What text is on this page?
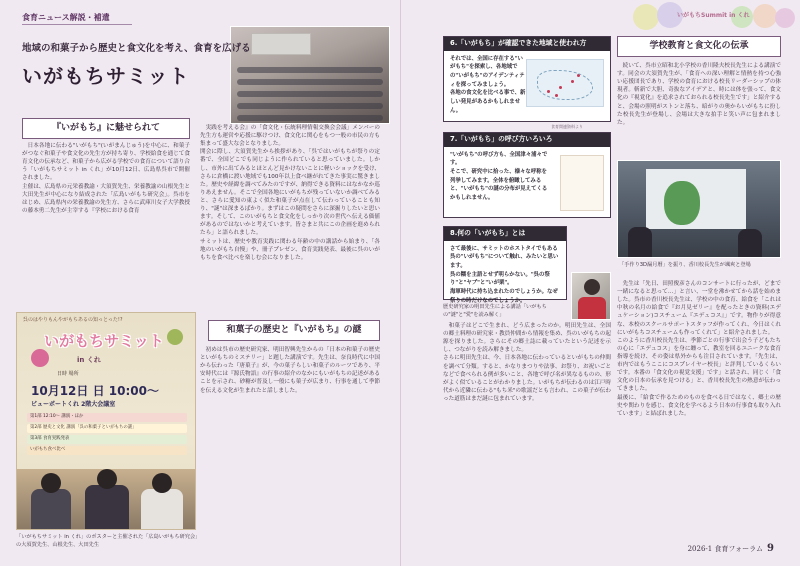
食育ニュース解説・補遺
地域の和菓子から歴史と食文化を考え、食育を広げる
いがもちサミット
『いがもち』に魅せられて

日本各地に伝わる"いがもち"(いがまんじゅう)を中心に、和菓子がつなぐ和菓子や食文化の先生方が持ち寄り、学校給食を通じて食育文化の伝承など、和菓子から広がる学校での食育について語り合う「いがもちサミット in くれ」が10月12日、広島県呉市で開催されました。
主催は、広島県の元栄養教諭・大須賀先生、栄養教諭の山根先生と大田先生が中心になり結成された「広島いがもち研究会」。呉市をはじめ、広島県内の栄養教諭の先生方、さらに武庫川女子大学教授の藤本勇二先生が主宰する『学校における食育

実践を考える会』の「食文化・伝統料理情報交換会会議」メンバーの先生方も運営や応援に駆けつけ、食文化に関心をもつ一般の市民の方も集まって盛大な会となりました。
開会に際し、大須賀先生から挨拶があり、「呉ではいがもちが祭りの定番で、全国どこでも同じように作られていると思っていました。しかし、市外に出てみるとほとんど見かけないことに軽いショックを受け、さらに倉橋に渡い地域でも100年以上食べ継がれてきた事実に驚きました。歴史や経緯を調べてみたのですが、納得できる資料にはなかなか巡りあえません。そこで全国各地にいがもちが残っていないか調べてみると、さらに愛知の東よく似た和菓子が点在して伝わっていることも知り、"謎"は深まるばかり。まずはこの疑問をさらに深掘りしたいと思います。そして、このいがもちと食文化をしっかり次の世代へ伝える価値があるのではないかと考えています。皆さまと共にこの企画を進められたら」と語られました。
サミットは、歴史や教育実践に関わる年齢の中の講話から始まり、「各地のいがもち自慢」や、冊子プレゼン、食育実践発表、最後に呉のいがもちを食べ比べを楽しむ会になりました。

和菓子の歴史と『いがもち』の謎

初めは呉市の歴史研究家、明田智興先生からの「日本の和菓子の歴史といがもちのミステリー」と題した講演です。先生は、奈良時代に中国から伝わった『唐菓子』が、今の菓子らしい和菓子のルーツであり、平安時代には『源氏物語』の行事の紹介のなかにもいがもちの記述があることを示され、砂糖が普及し一般にも菓子が広まり、行事を通して季節を伝える文化が生まれたと話しました。

呉のはやりもんやがもちあるの知っとった!?
いがもちサミット
in くれ
日時 場所
10月12日 日 10:00～
ビューポートくれ 2階大会議室
第1部 12:10～ 講演・ほか
第2部 歴史と文化 講演「呉の和菓子といがもちの謎」
第3部 食育実践発表
いがもち食べ比べ
「いがもちサミット in くれ」のポスターと主催された「広島いがもち研究会」の大須賀先生、山根先生、大田先生
いがもちSummit in くれ
6.「いがもち」が確認できた地域と使われ方
それでは、全国に存在する"いがもち"を探索し、各地域での"いがもち"のアイデンティティを探ってみましょう。
各地の食文化を比べる事で、新しい発見があるかもしれません。
食育関連資料より
7.「いがもち」の呼び方いろいろ
"いがもち"の呼び方も、全国津々浦々です。
そこで、研究中に拾った、様々な呼称を列挙してみます。全体を俯瞰してみると、"いがもち"の謎の分布が見えてくるかもしれません。
8.何の「いがもち」とは
さて最後に、サミットのホストタイでもある呉の"いがもち"について触れ、みたいと思います。
呉の糯を主語とせず明らかない。"呉の祭り"と"ヤブ"と"いが栗"。
海軍時代に持ち込まれたのでしょうか。なぜ祭りの時だけなのでしょうか。
歴史研究家の明田先生による講話「いがもちの"謎"と"愛"を読み解く」

和菓子はどこで生まれ、どう広まったのか。明田先生は、全国の郷土料理の研究家・教員仲間から情報を集め、呉のいがもちの起源を探りました。さらにその郷土誌に載っていたという記述を示し、つながりを読み解きました。
さらに明田先生は、今、日本各地に伝わっているといがもちの仲間を調べて分類。すると、かなりまつりや法事、お祭り、お祝いごとなどで食べられる例が多いこと、各地で呼び名が異なるものの、形がよく似ていることがわかりました。いがもちが伝わるのは江戸時代から近隣に伝わる"もち米"の歌謡だとも言われ、この菓子が伝わった道筋はまだ謎に包まれています。

学校教育と食文化の伝承

続いて、呉市立昭和北小学校の香川隆夫校長先生による講演です。同会の大須賀先生が、「食育への深い理解と情熱を持つ心強い応援団長であり、学校の食育における校長リーダーシップの体現者。斬新で大胆、奇抜なアイデアと、時には体を張って、食文化の『視覚化』を追求されておられる校長先生です」と紹介すると、会場の照明がストンと落ち、暗がりの奥からいがもちに扮した校長先生が登場し、会場は大きな拍手と笑い声に包まれました。

「手作り3D漏月暦」を振り、香川校長先生が颯爽と登場

先生は「先日、田照俊彦さんのコンサートに行ったが、どまで一緒になると思って…」と言い、一堂を沸かせてから話を始めました。呉市の香川校長先生は、学校の中の食育、給食を「これは中秋の名月の給食で『お月見ゼリー』を配ったときの資料(エデュケーション)コスチューム『エデュコス』」です。物作りが得意な、本校のスクールサポートスタッフが作ってくれ、今日はくれにいがもちコスチュームも作ってくれて」と紹介されました。
このように香川校長先生は、季節ごとの行事で出会う子どもたちの心に「エデュコス」を身に纏って、教室を回るユニークな食育指導を続け、その姿は県外からも注目されています。「先生は、市内ではもうここにコスプレイヤー校長」と評判しているくらいです。本番の「食文化の視覚支援」です」と話され、同じく「食文化の日本の伝承を見つける」と、香川校長先生の熱意が伝わってきました。
最後に、「給食で作るためのものを食べる日ではなく、郷土の歴史や関わりを感じ、食文化を学べるよう日本の行事食も取り入れています」と結ばれました。

2026-1 食育フォーラム 9
